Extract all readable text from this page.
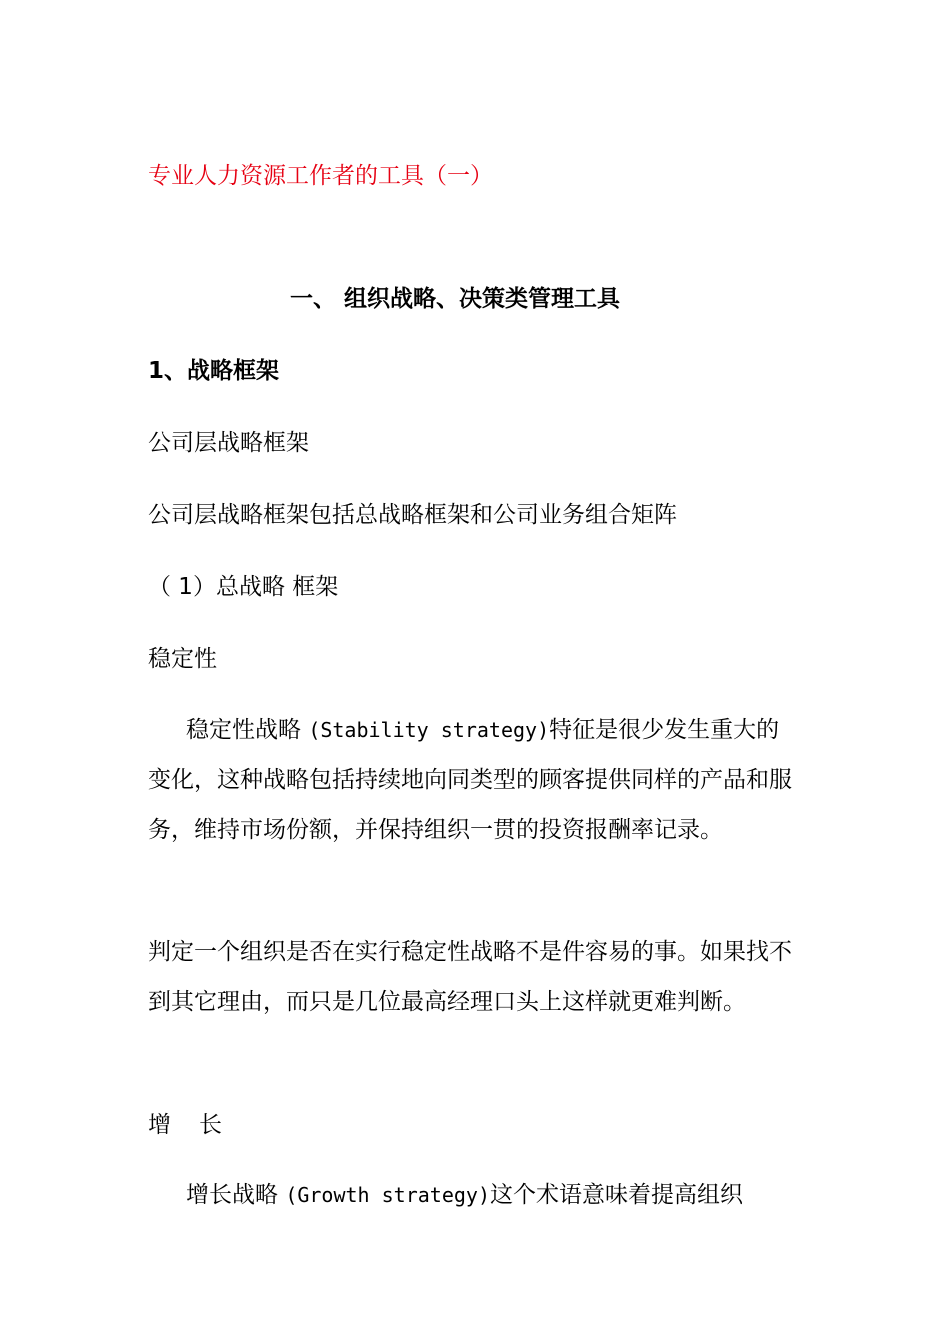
专业人力资源工作者的工具（一）
一、 组织战略、决策类管理工具
1、战略框架
公司层战略框架
公司层战略框架包括总战略框架和公司业务组合矩阵
（ 1）总战略 框架
稳定性
稳定性战略 (Stability strategy)特征是很少发生重大的变化，这种战略包括持续地向同类型的顾客提供同样的产品和服务，维持市场份额，并保持组织一贯的投资报酬率记录。
判定一个组织是否在实行稳定性战略不是件容易的事。如果找不到其它理由，而只是几位最高经理口头上这样就更难判断。
增长
增长战略 (Growth strategy)这个术语意味着提高组织
